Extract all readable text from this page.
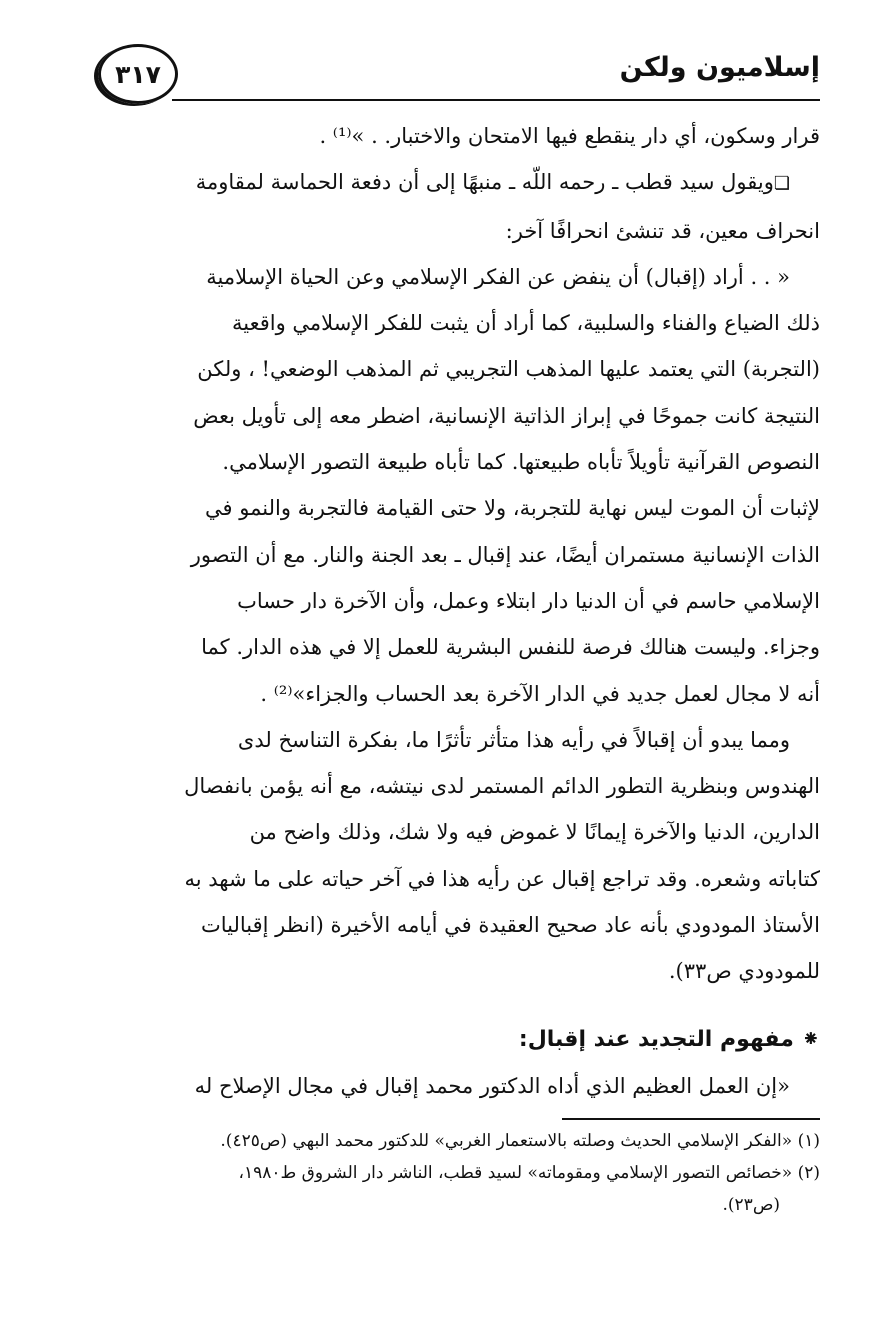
إسلاميون ولكن
٣١٧

قرار وسكون، أي دار ينقطع فيها الامتحان والاختبار. . »⁽¹⁾ .

❏ويقول سيد قطب ـ رحمه اللّه ـ منبهًا إلى أن دفعة الحماسة لمقاومة

انحراف معين، قد تنشئ انحرافًا آخر:

« . . أراد (إقبال) أن ينفض عن الفكر الإسلامي وعن الحياة الإسلامية

ذلك الضياع والفناء والسلبية، كما أراد أن يثبت للفكر الإسلامي واقعية

(التجربة) التي يعتمد عليها المذهب التجريبي ثم المذهب الوضعي! ، ولكن

النتيجة كانت جموحًا في إبراز الذاتية الإنسانية، اضطر معه إلى تأويل بعض

النصوص القرآنية تأويلاً تأباه طبيعتها. كما تأباه طبيعة التصور الإسلامي.

لإثبات أن الموت ليس نهاية للتجربة، ولا حتى القيامة فالتجربة والنمو في

الذات الإنسانية مستمران أيضًا، عند إقبال ـ بعد الجنة والنار. مع أن التصور

الإسلامي حاسم في أن الدنيا دار ابتلاء وعمل، وأن الآخرة دار حساب

وجزاء. وليست هنالك فرصة للنفس البشرية للعمل إلا في هذه الدار. كما

أنه لا مجال لعمل جديد في الدار الآخرة بعد الحساب والجزاء»⁽²⁾ .

ومما يبدو أن إقبالاً في رأيه هذا متأثر تأثرًا ما، بفكرة التناسخ لدى

الهندوس وبنظرية التطور الدائم المستمر لدى نيتشه، مع أنه يؤمن بانفصال

الدارين، الدنيا والآخرة إيمانًا لا غموض فيه ولا شك، وذلك واضح من

كتاباته وشعره. وقد تراجع إقبال عن رأيه هذا في آخر حياته على ما شهد به

الأستاذ المودودي بأنه عاد صحيح العقيدة في أيامه الأخيرة (انظر إقباليات

للمودودي ص٣٣).

⁕ مفهوم التجديد عند إقبال:

«إن العمل العظيم الذي أداه الدكتور محمد إقبال في مجال الإصلاح له

(١) «الفكر الإسلامي الحديث وصلته بالاستعمار الغربي» للدكتور محمد البهي (ص٤٢٥).

(٢) «خصائص التصور الإسلامي ومقوماته» لسيد قطب، الناشر دار الشروق ط١٩٨٠،

(ص٢٣).
